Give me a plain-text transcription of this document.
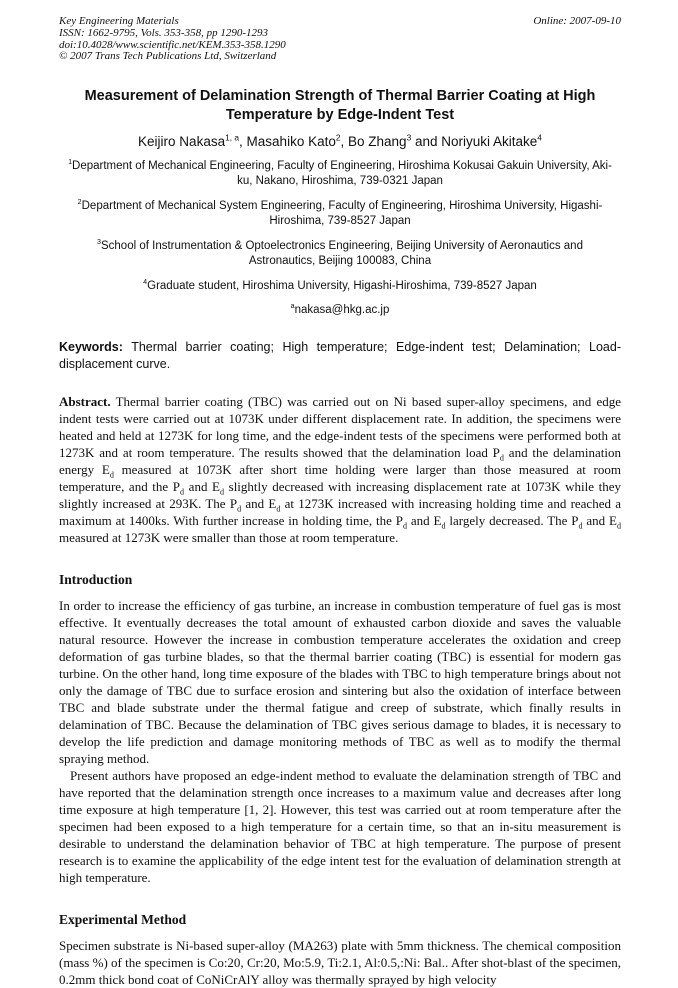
Key Engineering Materials
ISSN: 1662-9795, Vols. 353-358, pp 1290-1293
doi:10.4028/www.scientific.net/KEM.353-358.1290
© 2007 Trans Tech Publications Ltd, Switzerland
Online: 2007-09-10
Measurement of Delamination Strength of Thermal Barrier Coating at High Temperature by Edge-Indent Test
Keijiro Nakasa$^{1, a}$, Masahiko Kato$^2$, Bo Zhang$^3$ and Noriyuki Akitake$^4$
$^1$Department of Mechanical Engineering, Faculty of Engineering, Hiroshima Kokusai Gakuin University, Aki-ku, Nakano, Hiroshima, 739-0321 Japan
$^2$Department of Mechanical System Engineering, Faculty of Engineering, Hiroshima University, Higashi-Hiroshima, 739-8527 Japan
$^3$School of Instrumentation & Optoelectronics Engineering, Beijing University of Aeronautics and Astronautics, Beijing 100083, China
$^4$Graduate student, Hiroshima University, Higashi-Hiroshima, 739-8527 Japan
$^a$nakasa@hkg.ac.jp

Keywords: Thermal barrier coating; High temperature; Edge-indent test; Delamination; Load-displacement curve.

Abstract. Thermal barrier coating (TBC) was carried out on Ni based super-alloy specimens, and edge indent tests were carried out at 1073K under different displacement rate. In addition, the specimens were heated and held at 1273K for long time, and the edge-indent tests of the specimens were performed both at 1273K and at room temperature. The results showed that the delamination load $P_d$ and the delamination energy $E_d$ measured at 1073K after short time holding were larger than those measured at room temperature, and the $P_d$ and $E_d$ slightly decreased with increasing displacement rate at 1073K while they slightly increased at 293K. The $P_d$ and $E_d$ at 1273K increased with increasing holding time and reached a maximum at 1400ks. With further increase in holding time, the $P_d$ and $E_d$ largely decreased. The $P_d$ and $E_d$ measured at 1273K were smaller than those at room temperature.

Introduction

In order to increase the efficiency of gas turbine, an increase in combustion temperature of fuel gas is most effective. It eventually decreases the total amount of exhausted carbon dioxide and saves the valuable natural resource. However the increase in combustion temperature accelerates the oxidation and creep deformation of gas turbine blades, so that the thermal barrier coating (TBC) is essential for modern gas turbine. On the other hand, long time exposure of the blades with TBC to high temperature brings about not only the damage of TBC due to surface erosion and sintering but also the oxidation of interface between TBC and blade substrate under the thermal fatigue and creep of substrate, which finally results in delamination of TBC. Because the delamination of TBC gives serious damage to blades, it is necessary to develop the life prediction and damage monitoring methods of TBC as well as to modify the thermal spraying method.

Present authors have proposed an edge-indent method to evaluate the delamination strength of TBC and have reported that the delamination strength once increases to a maximum value and decreases after long time exposure at high temperature [1, 2]. However, this test was carried out at room temperature after the specimen had been exposed to a high temperature for a certain time, so that an in-situ measurement is desirable to understand the delamination behavior of TBC at high temperature. The purpose of present research is to examine the applicability of the edge intent test for the evaluation of delamination strength at high temperature.

Experimental Method

Specimen substrate is Ni-based super-alloy (MA263) plate with 5mm thickness. The chemical composition (mass %) of the specimen is Co:20, Cr:20, Mo:5.9, Ti:2.1, Al:0.5,:Ni: Bal.. After shot-blast of the specimen, 0.2mm thick bond coat of CoNiCrAlY alloy was thermally sprayed by high velocity
